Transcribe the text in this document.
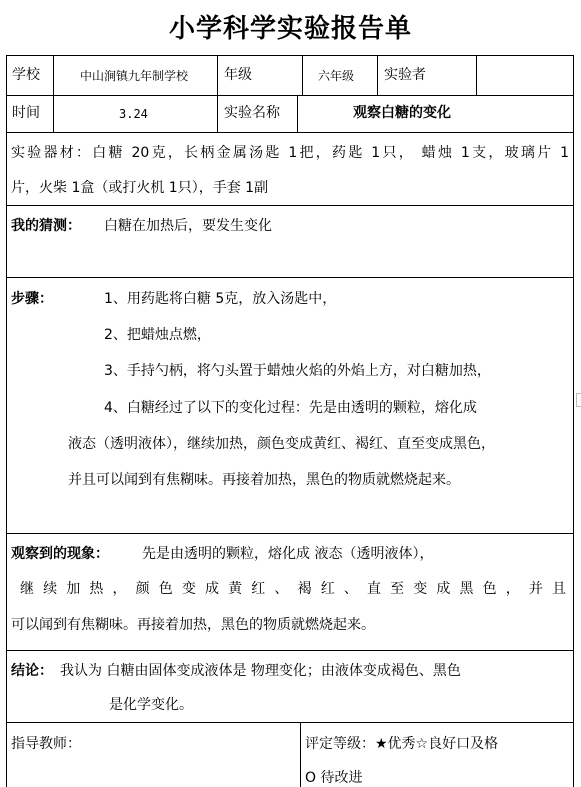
小学科学实验报告单
学校	中山涧镇九年制学校	年级	六年级 实验者
时间	3.24	实验名称	观察白糖的变化
实验器材：白糖 20克，长柄金属汤匙 1把，药匙 1只， 蜡烛 1支，玻璃片 1
片，火柴 1盒（或打火机 1只），手套 1副
我的猜测： 白糖在加热后，要发生变化
步骤：	1、用药匙将白糖 5克，放入汤匙中，
2、把蜡烛点燃，
3、手持勺柄，将勺头置于蜡烛火焰的外焰上方，对白糖加热，
4、白糖经过了以下的变化过程：先是由透明的颗粒，熔化成
液态（透明液体），继续加热，颜色变成黄红、褐红、直至变成黑色，
并且可以闻到有焦糊味。再接着加热，黑色的物质就燃烧起来。
观察到的现象： 先是由透明的颗粒，熔化成 液态（透明液体），
继续加热，颜色变成黄红、褐红、直至变成黑色，并且
可以闻到有焦糊味。再接着加热，黑色的物质就燃烧起来。
结论： 我认为 白糖由固体变成液体是 物理变化；由液体变成褐色、黑色
是化学变化。
指导教师：	评定等级：★优秀☆良好口及格
O 待改进
